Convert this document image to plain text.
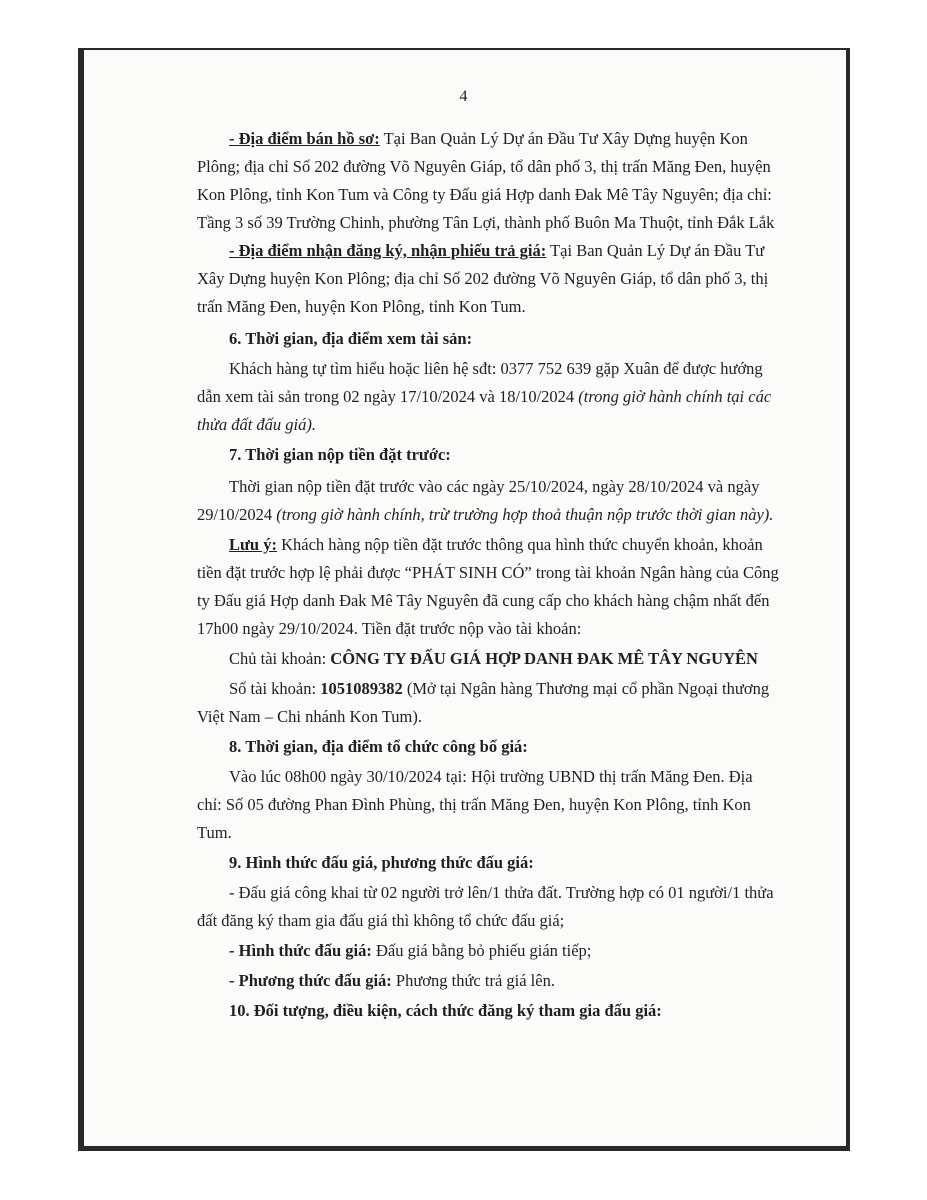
4
- Địa điểm bán hồ sơ: Tại Ban Quản Lý Dự án Đầu Tư Xây Dựng huyện Kon
Plông; địa chỉ Số 202 đường Võ Nguyên Giáp, tổ dân phố 3, thị trấn Măng Đen, huyện
Kon Plông, tỉnh Kon Tum và Công ty Đấu giá Hợp danh Đak Mê Tây Nguyên; địa chỉ:
Tầng 3 số 39 Trường Chinh, phường Tân Lợi, thành phố Buôn Ma Thuột, tỉnh Đắk Lắk
- Địa điểm nhận đăng ký, nhận phiếu trả giá: Tại Ban Quản Lý Dự án Đầu Tư
Xây Dựng huyện Kon Plông; địa chỉ Số 202 đường Võ Nguyên Giáp, tổ dân phố 3, thị
trấn Măng Đen, huyện Kon Plông, tỉnh Kon Tum.
6. Thời gian, địa điểm xem tài sản:
Khách hàng tự tìm hiểu hoặc liên hệ sđt: 0377 752 639 gặp Xuân để được hướng
dẫn xem tài sản trong 02 ngày 17/10/2024 và 18/10/2024 (trong giờ hành chính tại các
thửa đất đấu giá).
7. Thời gian nộp tiền đặt trước:
Thời gian nộp tiền đặt trước vào các ngày 25/10/2024, ngày 28/10/2024 và ngày
29/10/2024 (trong giờ hành chính, trừ trường hợp thoả thuận nộp trước thời gian này).
Lưu ý: Khách hàng nộp tiền đặt trước thông qua hình thức chuyển khoản, khoản
tiền đặt trước hợp lệ phải được “PHÁT SINH CÓ” trong tài khoản Ngân hàng của Công
ty Đấu giá Hợp danh Đak Mê Tây Nguyên đã cung cấp cho khách hàng chậm nhất đến
17h00 ngày 29/10/2024. Tiền đặt trước nộp vào tài khoản:
Chủ tài khoản: CÔNG TY ĐẤU GIÁ HỢP DANH ĐAK MÊ TÂY NGUYÊN
Số tài khoản: 1051089382 (Mở tại Ngân hàng Thương mại cổ phần Ngoại thương
Việt Nam – Chi nhánh Kon Tum).
8. Thời gian, địa điểm tổ chức công bố giá:
Vào lúc 08h00 ngày 30/10/2024 tại: Hội trường UBND thị trấn Măng Đen. Địa
chỉ: Số 05 đường Phan Đình Phùng, thị trấn Măng Đen, huyện Kon Plông, tỉnh Kon
Tum.
9. Hình thức đấu giá, phương thức đấu giá:
- Đấu giá công khai từ 02 người trở lên/1 thửa đất. Trường hợp có 01 người/1 thửa
đất đăng ký tham gia đấu giá thì không tổ chức đấu giá;
- Hình thức đấu giá: Đấu giá bằng bỏ phiếu gián tiếp;
- Phương thức đấu giá: Phương thức trả giá lên.
10. Đối tượng, điều kiện, cách thức đăng ký tham gia đấu giá:
